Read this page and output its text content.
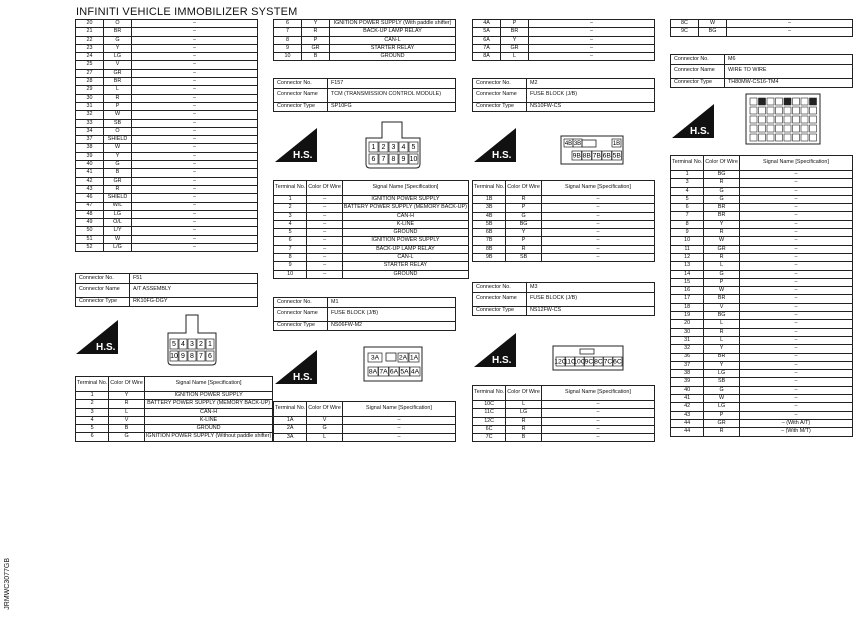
INFINITI VEHICLE IMMOBILIZER SYSTEM
JRMWC3077GB
20	O	–
21	BR	–
22	G	–
23	Y	–
24	LG	–
25	V	–
27	GR	–
28	BR	–
29	L	–
30	R	–
31	P	–
32	W	–
33	SB	–
34	O	–
37	SHIELD	–
38	W	–
39	Y	–
40	G	–
41	B	–
42	GR	–
43	R	–
46	SHIELD	–
47	W/L	–
48	LG	–
49	O/L	–
50	L/Y	–
51	W	–
52	L/G	–
Connector No.	F51
Connector Name	A/T ASSEMBLY
Connector Type	RK10FG-DGY
H.S.	5 4 3 2 1
10 9 8 7 6
Terminal No.	Color Of Wire	Signal Name [Specification]
1	Y	IGNITION POWER SUPPLY
2	R	BATTERY POWER SUPPLY (MEMORY BACK-UP)
3	L	CAN-H
4	V	K-LINE
5	B	GROUND
6	G	IGNITION POWER SUPPLY (Without paddle shifter)
6	Y	IGNITION POWER SUPPLY (With paddle shifter)
7	R	BACK-UP LAMP RELAY
8	P	CAN-L
9	GR	STARTER RELAY
10	B	GROUND
Connector No.	F157
Connector Name	TCM (TRANSMISSION CONTROL MODULE)
Connector Type	SP10FG
H.S.
1 2 3 4 5
6 7 8 9 10
Terminal No.	Color Of Wire	Signal Name [Specification]
1	–	IGNITION POWER SUPPLY
2	–	BATTERY POWER SUPPLY (MEMORY BACK-UP)
3	–	CAN-H
4	–	K-LINE
5	–	GROUND
6	–	IGNITION POWER SUPPLY
7	–	BACK-UP LAMP RELAY
8	–	CAN-L
9	–	STARTER RELAY
10	–	GROUND
Connector No.	M1
Connector Name	FUSE BLOCK (J/B)
Connector Type	NS06FW-M2
H.S.
3A	2A 1A
8A 7A 6A 5A 4A
Terminal No.	Color Of Wire	Signal Name [Specification]
1A	V	–
2A	G	–
3A	L	–
4A	P	–
5A	BR	–
6A	Y	–
7A	GR	–
8A	L	–
Connector No.	M2
Connector Name	FUSE BLOCK (J/B)
Connector Type	NS10FW-CS
H.S.
4B 3B	1B
9B 8B 7B 6B 5B
Terminal No.	Color Of Wire	Signal Name [Specification]
1B	R	–
3B	P	–
4B	G	–
5B	BG	–
6B	Y	–
7B	P	–
8B	R	–
9B	SB	–
Connector No.	M3
Connector Name	FUSE BLOCK (J/B)
Connector Type	NS12FW-CS
H.S.	12C
11C
10C
9C 8C 7C 6C
Terminal No.	Color Of Wire	Signal Name [Specification]
10C	L	–
11C	LG	–
12C	R	–
6C	R	–
7C	B	–
8C	W	–
9C	BG	–
Connector No.	M6
Connector Name	WIRE TO WIRE
Connector Type	TH80MW-CS16-TM4
H.S.
Terminal No.	Color Of Wire	Signal Name [Specification]
1	BG	–
3	R	–
4	G	–
5	G	–
6	BR	–
7	BR	–
8	Y	–
9	R	–
10	W	–
11	GR	–
12	R	–
13	L	–
14	G	–
15	P	–
16	W	–
17	BR	–
18	V	–
19	BG	–
20	L	–
30	R	–
31	L	–
32	Y	–
36	BR	–
37	Y	–
38	LG	–
39	SB	–
40	G	–
41	W	–
42	LG	–
43	P	–
44	GR	– (With A/T)
44	R	– (With M/T)
